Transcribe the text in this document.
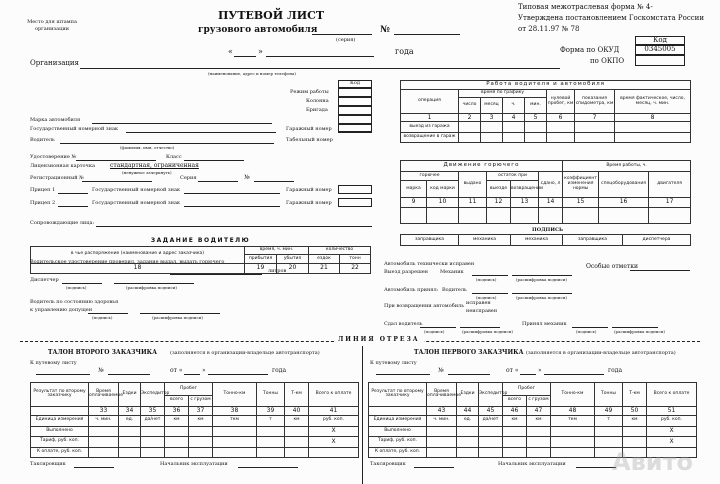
Место для штампа
организации
ПУТЕВОЙ ЛИСТ
грузового автомобиля
(серия)
№
«	»	года
Типовая межотраслевая форма № 4-
Утверждена постановлением Госкомстата России
от 28.11.97 № 78
Код
Форма по ОКУД	0345005
по ОКПО
Организация
(наименование, адрес и номер телефона)
Код
Режим работы
Колонна
Бригада
Марка автомобиля
Государственный номерной знак	Гаражный номер
Водитель
(фамилия, имя, отчество)
Табельный номер
Удостоверение №	Класс
Лицензионная карточка	стандартная, ограниченная
(ненужное зачеркнуть)
Регистрационный №	Серия	№
Прицеп 1	Государственный номерной знак	Гаражный номер
Прицеп 2	Государственный номерной знак	Гаражный номер
Сопровождающие лица:
Работа водителя и автомобиля							
операция	время по графику				нулевой пробег, км	показания спидометра, км	время фактическое, число, месяц, ч. мин.
	число	месяц	ч.	мин.			
1	2	3	4	5	6	7	8
выезд из гаража							
возвращение в гараж							
Движение горючего						Время работы, ч.		
горючее		выдано	остаток при		сдано, л	коэффициент изменения нормы	спецоборудования	двигателя
марка	код марки		выезде	возвращении				
9	10	11	12	13	14	15	16	17

ПОДПИСЬ
заправщика	механика	механика	заправщика	диспетчера
ЗАДАНИЕ ВОДИТЕЛЮ				
в чье распоряжение (наименование и адрес заказчика)	время, ч. мин.		количество	
	прибытия	убытия	ездок	тонн
18	19	20	21	22
Водительское удостоверение проверил, задание выдал, выдать горючего
литров
Диспетчер
(подпись)	(расшифровка подписи)
Водитель по состоянию здоровья
к управлению допущен
(подпись)	(расшифровка подписи)
Автомобиль технически исправен
Выезд разрешен Механик
(подпись)	(расшифровка подписи)
Автомобиль принял: Водитель
(подпись)	(расшифровка подписи)
При возвращении автомобиль исправен
неисправен
Сдал водитель
(подпись)	(расшифровка подписи)
Принял механик
(подпись)	(расшифровка подписи)
Особые отметки
ЛИНИЯ ОТРЕЗА
ТАЛОН ВТОРОГО ЗАКАЗЧИКА	(заполняется в организации-владельце автотранспорта)
К путевому листу
№	от «	»	года
Результат по второму заказчику	Время оплачиваемое	Ездки	Экспедитор	Пробег		Тонно-км	Тонны	Т-км	Всего к оплате
				всего	с грузом				
	33	34	35	36	37	38	39	40	41
Единица измерения	ч. мин.	ед.	да/нет	км	км	ткм	т	км	руб. коп.
Выполнено									X
Тариф, руб. коп.									X
К оплате, руб. коп.									
Таксировщик	Начальник эксплуатации
ТАЛОН ПЕРВОГО ЗАКАЗЧИКА (заполняется в организации-владельце автотранспорта)
К путевому листу
№	от «	»	года
Результат по второму заказчику	Время оплачиваемое	Ездки	Экспедитор	Пробег		Тонно-км	Тонны	Т-км	Всего к оплате
				всего	с грузом				
	43	44	45	46	47	48	49	50	51
Единица измерения	ч. мин.	ед.	да/нет	км	км	ткм	т	км	руб. коп.
Выполнено									X
Тариф, руб. коп.									X
К оплате, руб. коп.									
Таксировщик	Начальник эксплуатации Авито
